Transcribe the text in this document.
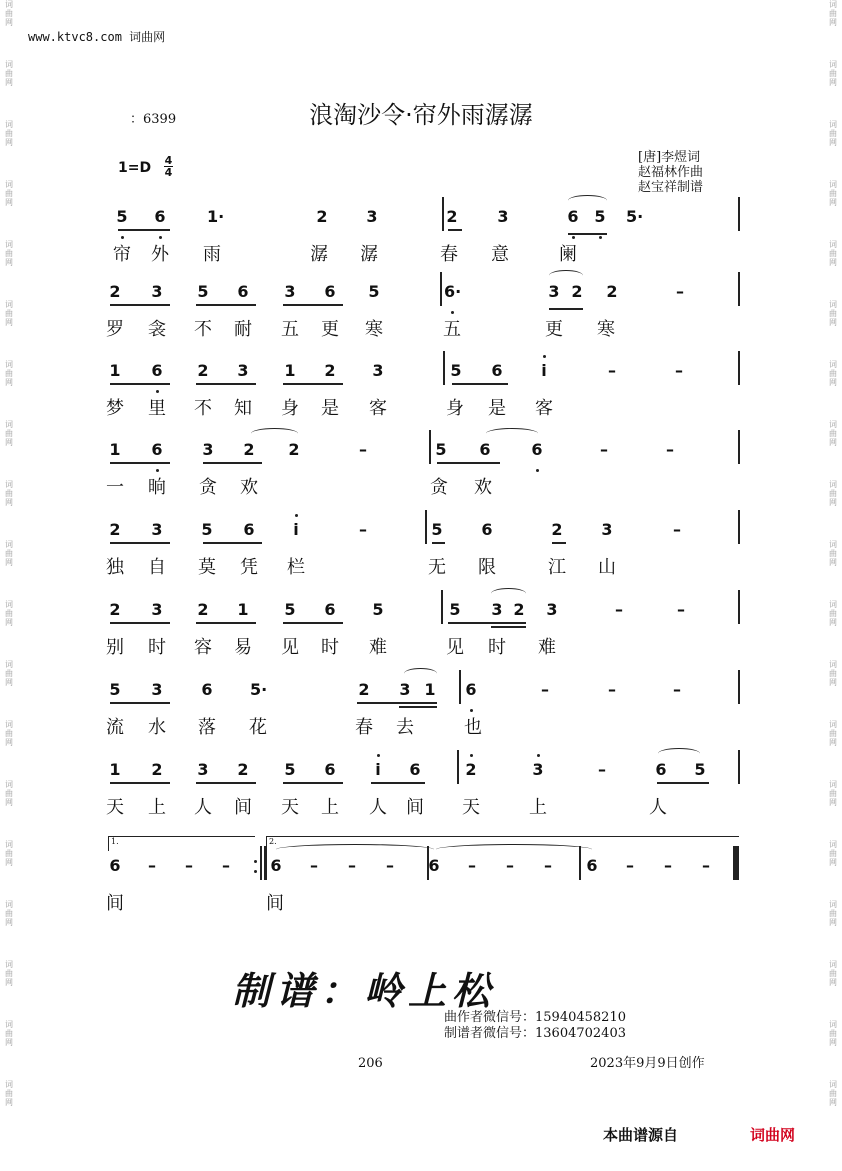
词
曲
网
词
曲
网
词
曲
网
词
曲
网
词
曲
网
词
曲
网
词
曲
网
词
曲
网
词
曲
网
词
曲
网
词
曲
网
词
曲
网
词
曲
网
词
曲
网
词
曲
网
词
曲
网
词
曲
网
词
曲
网
词
曲
网
词
曲
网
词
曲
网
词
曲
网
词
曲
网
词
曲
网
词
曲
网
词
曲
网
词
曲
网
词
曲
网
词
曲
网
词
曲
网
词
曲
网
词
曲
网
词
曲
网
词
曲
网
词
曲
网
词
曲
网
词
曲
网
词
曲
网
www.ktvc8.com 词曲网
浪淘沙令·帘外雨潺潺
：6399
1=D 4
4
[唐]李煜词
赵福林作曲
赵宝祥制谱
5 6	1·	2 3	2 3	6 5 5·
帘 外 雨	潺 潺	春 意	阑
2 3 5 6 3 6 5	6·	3 2 2	–
罗 衾 不 耐 五 更 寒	五	更 寒
1 6 2 3 1 2 3	5 6	i	–	–
梦 里 不 知 身 是 客	身 是 客
1 6 3 2 2	–	5 6	6	–	–
一 晌 贪 欢	贪 欢
2 3 5 6	i	–	5 6	2 3	–
独 自 莫 凭 栏	无 限	江 山
2 3 2 1 5 6 5	5 3 2 3	–	–
别 时 容 易 见 时 难	见 时 难
5 3 6 5·	2 3 1 6	–	–	–
流 水 落 花	春 去	也
1 2 3 2 5 6	i	6	2	3	–	6 5
天 上 人 间 天 上 人 间 天	上	人
6 – – –	6 – – – 6 – – – 6 – – –
间	间
1.	2.
制谱：岭上松
曲作者微信号：15940458210
制谱者微信号：13604702403
206	2023年9月9日创作
本曲谱源自	词曲网
